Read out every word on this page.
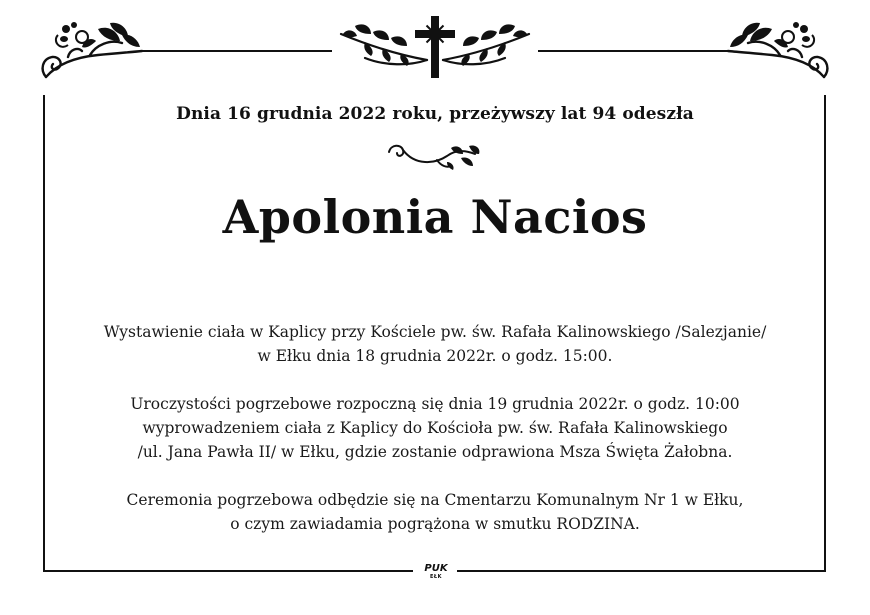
Dnia 16 grudnia 2022 roku, przeżywszy lat 94 odeszła
Apolonia Nacios
Wystawienie ciała w Kaplicy przy Kościele pw. św. Rafała Kalinowskiego /Salezjanie/
w Ełku dnia 18 grudnia 2022r. o godz. 15:00.
Uroczystości pogrzebowe rozpoczną się dnia 19 grudnia 2022r. o godz. 10:00
wyprowadzeniem ciała z Kaplicy do Kościoła pw. św. Rafała Kalinowskiego
/ul. Jana Pawła II/ w Ełku, gdzie zostanie odprawiona Msza Święta Żałobna.
Ceremonia pogrzebowa odbędzie się na Cmentarzu Komunalnym Nr 1 w Ełku,
o czym zawiadamia pogrążona w smutku RODZINA.
PUK
EŁK
